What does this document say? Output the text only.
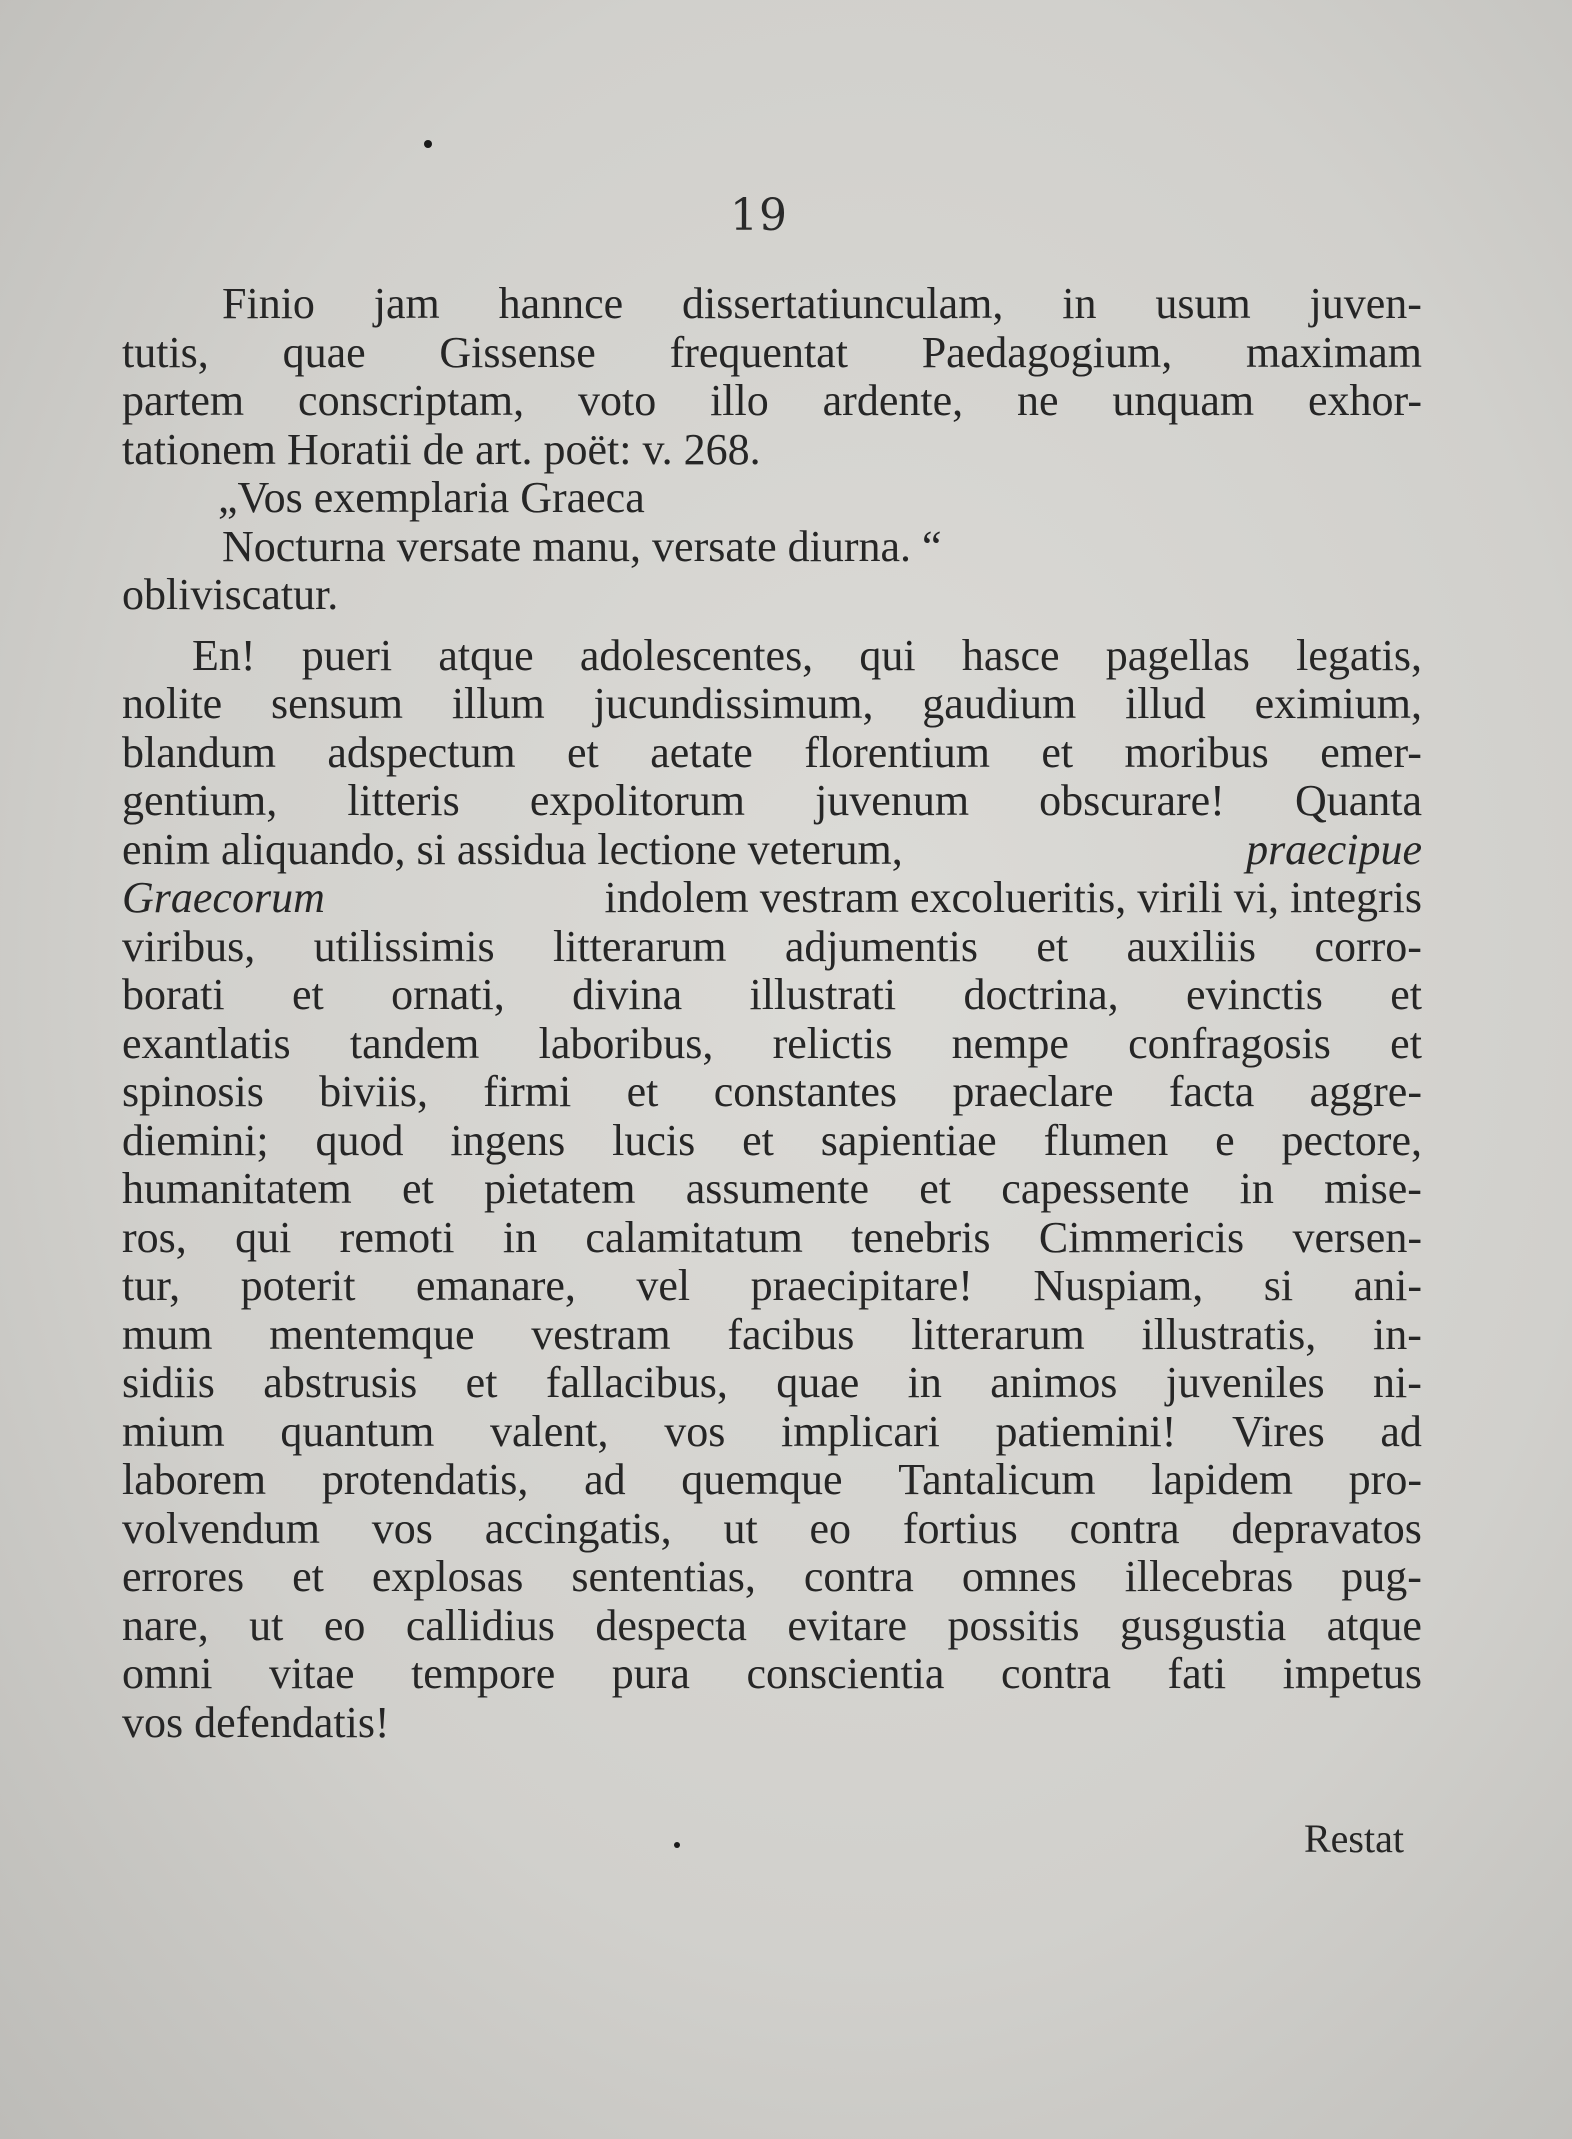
19
Finio jam hannce dissertatiunculam, in usum juven-
tutis, quae Gissense frequentat Paedagogium, maximam
partem conscriptam, voto illo ardente, ne unquam exhor-
tationem Horatii de art. poët: v. 268.
„Vos exemplaria Graeca
Nocturna versate manu, versate diurna. “
obliviscatur.
En! pueri atque adolescentes, qui hasce pagellas legatis,
nolite sensum illum jucundissimum, gaudium illud eximium,
blandum adspectum et aetate florentium et moribus emer-
gentium, litteris expolitorum juvenum obscurare! Quanta
enim aliquando, si assidua lectione veterum,	praecipue
Graecorum	indolem vestram excolueritis, virili vi, integris
viribus, utilissimis litterarum adjumentis et auxiliis corro-
borati et ornati, divina illustrati doctrina, evinctis et
exantlatis tandem laboribus, relictis nempe confragosis et
spinosis biviis, firmi et constantes praeclare facta aggre-
diemini; quod ingens lucis et sapientiae flumen e pectore,
humanitatem et pietatem assumente et capessente in mise-
ros, qui remoti in calamitatum tenebris Cimmericis versen-
tur, poterit emanare, vel praecipitare! Nuspiam, si ani-
mum mentemque vestram facibus litterarum illustratis, in-
sidiis abstrusis et fallacibus, quae in animos juveniles ni-
mium quantum valent, vos implicari patiemini! Vires ad
laborem protendatis, ad quemque Tantalicum lapidem pro-
volvendum vos accingatis, ut eo fortius contra depravatos
errores et explosas sententias, contra omnes illecebras pug-
nare, ut eo callidius despecta evitare possitis gusgustia atque
omni vitae tempore pura conscientia contra fati impetus
vos defendatis!
Restat
